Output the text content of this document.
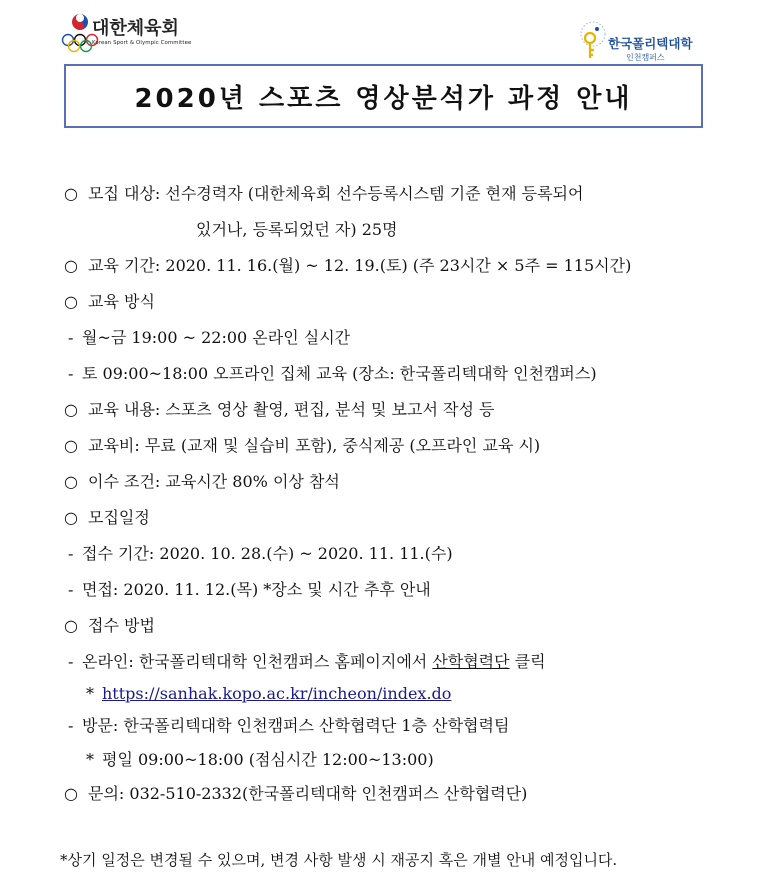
대한체육회
Korean Sport & Olympic Committee	한국폴리텍대학
인천캠퍼스
2020년 스포츠 영상분석가 과정 안내
○ 모집 대상: 선수경력자 (대한체육회 선수등록시스템 기준 현재 등록되어
있거나, 등록되었던 자) 25명
○ 교육 기간: 2020. 11. 16.(월) ~ 12. 19.(토) (주 23시간 × 5주 = 115시간)
○ 교육 방식
- 월~금 19:00 ~ 22:00 온라인 실시간
- 토 09:00~18:00 오프라인 집체 교육 (장소: 한국폴리텍대학 인천캠퍼스)
○ 교육 내용: 스포츠 영상 촬영, 편집, 분석 및 보고서 작성 등
○ 교육비: 무료 (교재 및 실습비 포함), 중식제공 (오프라인 교육 시)
○ 이수 조건: 교육시간 80% 이상 참석
○ 모집일정
- 접수 기간: 2020. 10. 28.(수) ~ 2020. 11. 11.(수)
- 면접: 2020. 11. 12.(목) *장소 및 시간 추후 안내
○ 접수 방법
- 온라인: 한국폴리텍대학 인천캠퍼스 홈페이지에서 산학협력단 클릭
* https://sanhak.kopo.ac.kr/incheon/index.do
- 방문: 한국폴리텍대학 인천캠퍼스 산학협력단 1층 산학협력팀
* 평일 09:00~18:00 (점심시간 12:00~13:00)
○ 문의: 032-510-2332(한국폴리텍대학 인천캠퍼스 산학협력단)
*상기 일정은 변경될 수 있으며, 변경 사항 발생 시 재공지 혹은 개별 안내 예정입니다.
